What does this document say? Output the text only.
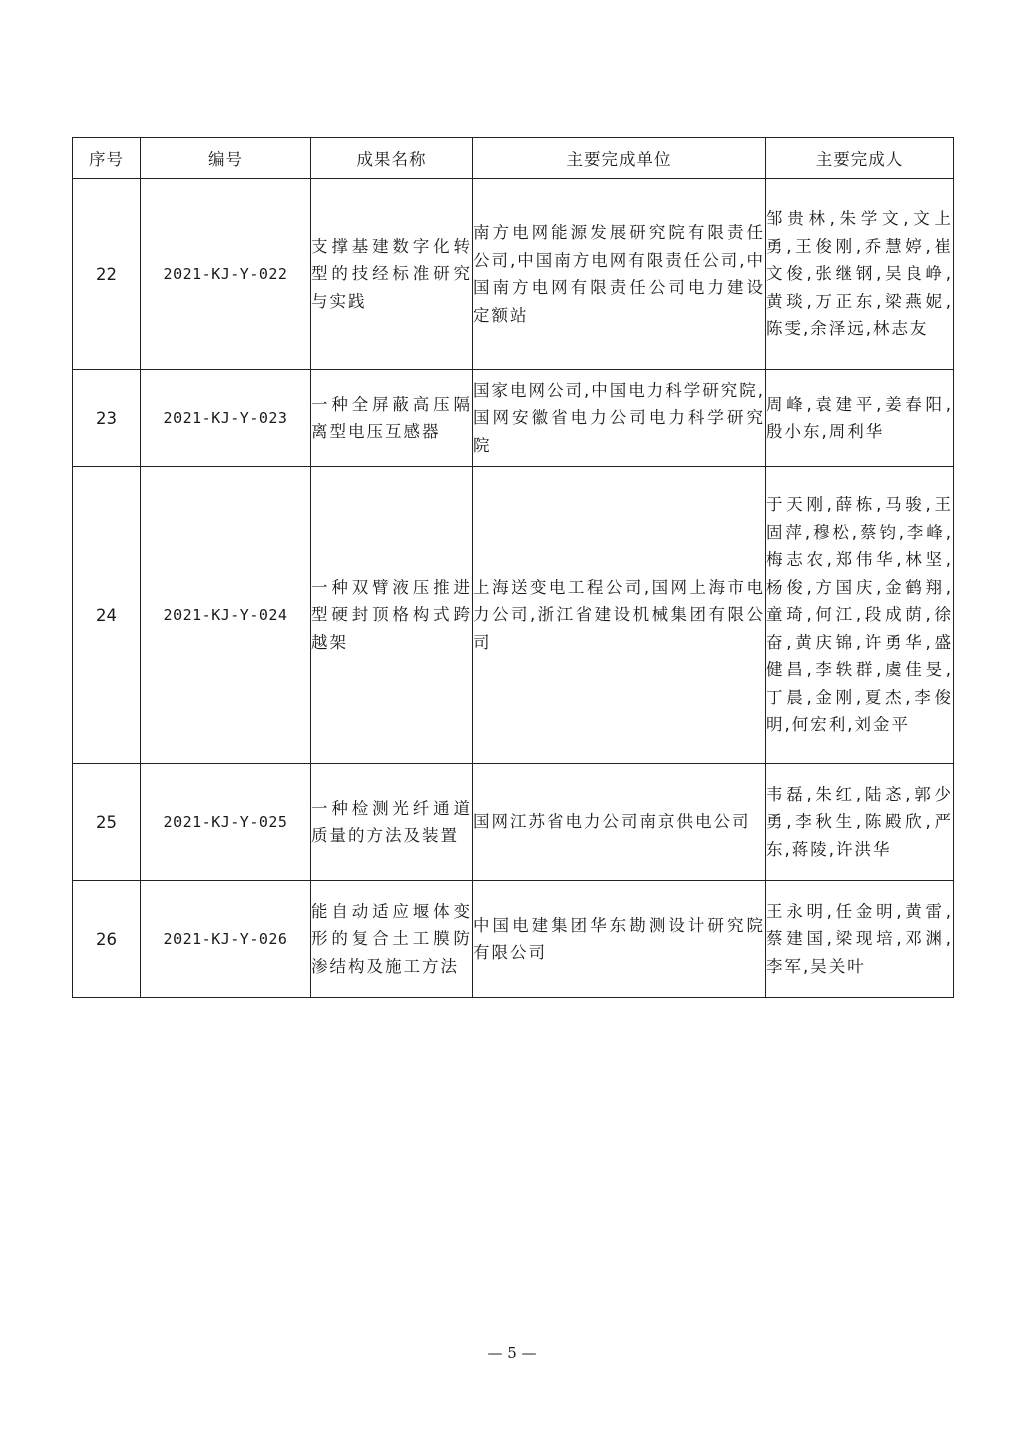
序号	编号	成果名称	主要完成单位	主要完成人
22	2021-KJ-Y-022	支撑基建数字化转型的技经标准研究与实践	南方电网能源发展研究院有限责任公司,中国南方电网有限责任公司,中国南方电网有限责任公司电力建设定额站	邹贵林,朱学文,文上勇,王俊刚,乔慧婷,崔文俊,张继钢,吴良峥,黄琰,万正东,梁燕妮,陈雯,余泽远,林志友
23	2021-KJ-Y-023	一种全屏蔽高压隔离型电压互感器	国家电网公司,中国电力科学研究院,国网安徽省电力公司电力科学研究院	周峰,袁建平,姜春阳,殷小东,周利华
24	2021-KJ-Y-024	一种双臂液压推进型硬封顶格构式跨越架	上海送变电工程公司,国网上海市电力公司,浙江省建设机械集团有限公司	于天刚,薛栋,马骏,王固萍,穆松,蔡钧,李峰,梅志农,郑伟华,林坚,杨俊,方国庆,金鹤翔,童琦,何江,段成荫,徐奋,黄庆锦,许勇华,盛健昌,李轶群,虞佳旻,丁晨,金刚,夏杰,李俊明,何宏利,刘金平
25	2021-KJ-Y-025	一种检测光纤通道质量的方法及装置	国网江苏省电力公司南京供电公司	韦磊,朱红,陆忞,郭少勇,李秋生,陈殿欣,严东,蒋陵,许洪华
26	2021-KJ-Y-026	能自动适应堰体变形的复合土工膜防渗结构及施工方法	中国电建集团华东勘测设计研究院有限公司	王永明,任金明,黄雷,蔡建国,梁现培,邓渊,李军,吴关叶
— 5 —
